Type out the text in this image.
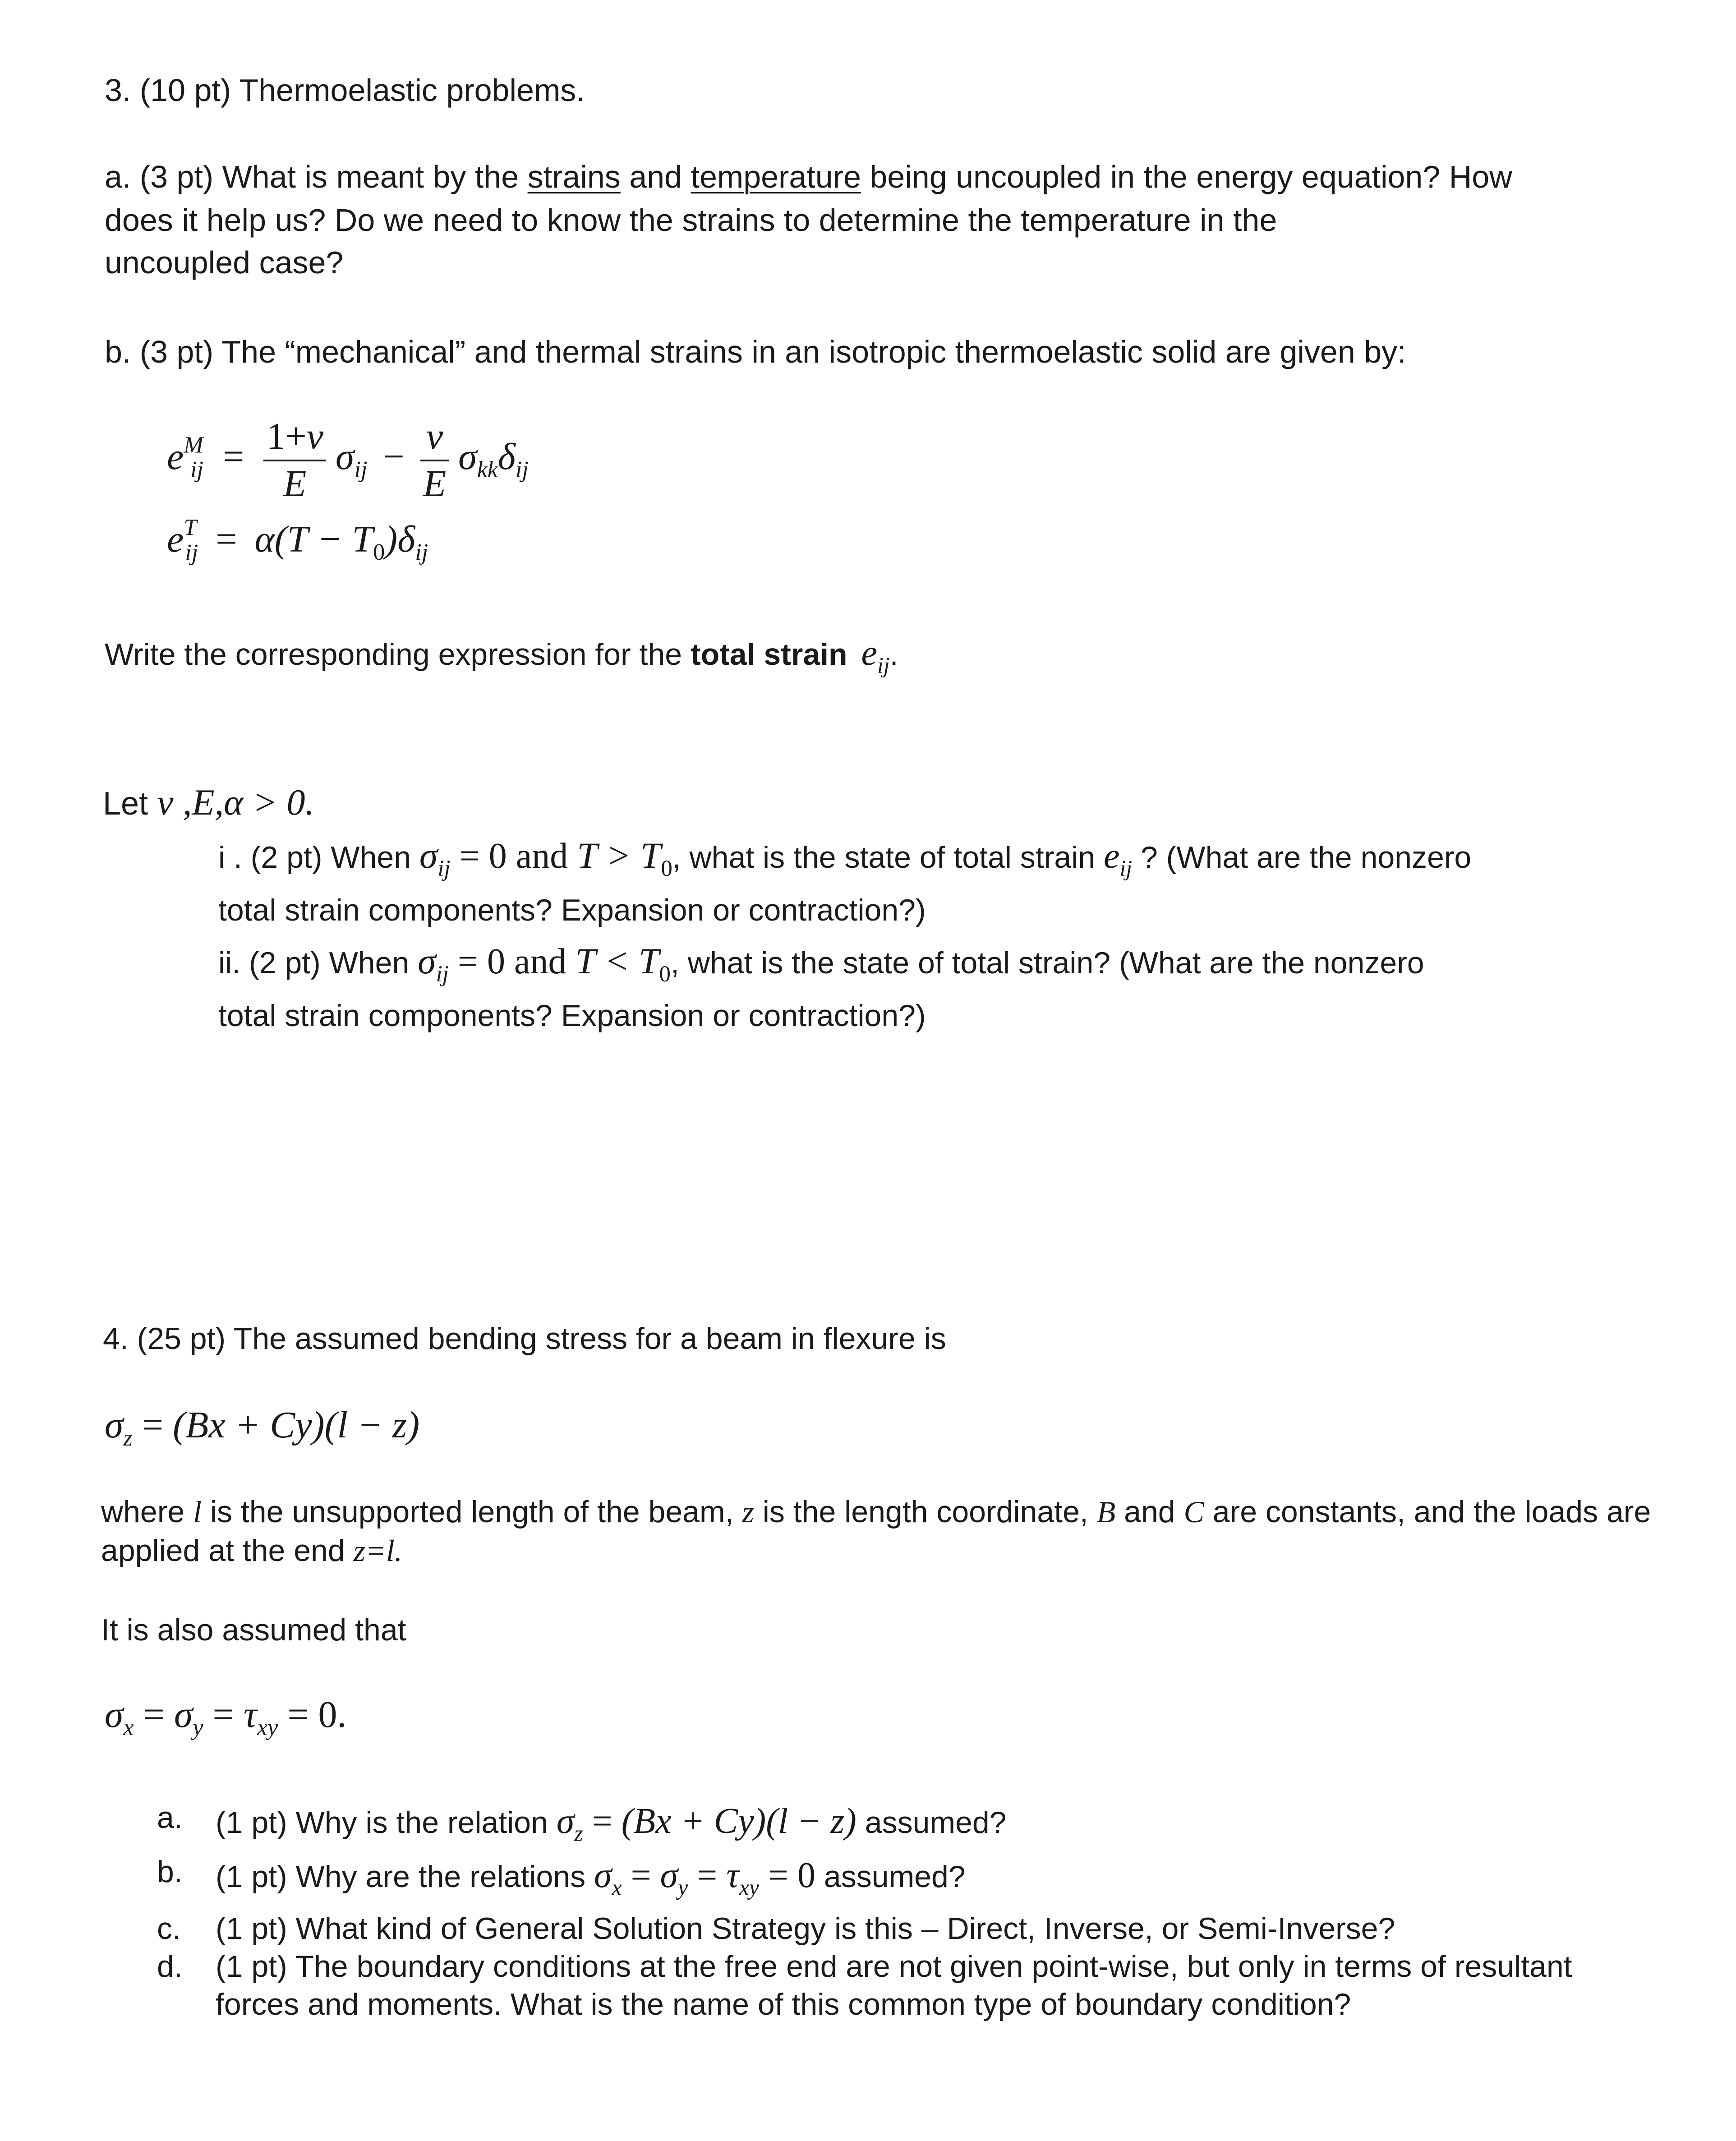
3. (10 pt) Thermoelastic problems.
a. (3 pt) What is meant by the strains and temperature being uncoupled in the energy equation? How
does it help us? Do we need to know the strains to determine the temperature in the
uncoupled case?
b. (3 pt) The “mechanical” and thermal strains in an isotropic thermoelastic solid are given by:
$e^M_{ij} = \frac{1+\nu}{E} \sigma_{ij} - \frac{\nu}{E} \sigma_{kk}\delta_{ij}$
$e^T_{ij} = \alpha(T - T_0)\delta_{ij}$
Write the corresponding expression for the total strain $e_{ij}$.
Let ν ,E,α > 0.
i . (2 pt) When $\sigma_{ij} = 0$ and $T > T_0$, what is the state of total strain $e_{ij}$ ? (What are the nonzero
total strain components? Expansion or contraction?)
ii. (2 pt) When $\sigma_{ij} = 0$ and $T < T_0$, what is the state of total strain? (What are the nonzero
total strain components? Expansion or contraction?)
4. (25 pt) The assumed bending stress for a beam in flexure is
$\sigma_z = (Bx + Cy)(l - z)$
where l is the unsupported length of the beam, z is the length coordinate, B and C are constants, and the loads are
applied at the end z=l.
It is also assumed that
$\sigma_x = \sigma_y = \tau_{xy} = 0$.
a. (1 pt) Why is the relation $\sigma_z = (Bx + Cy)(l - z)$ assumed?
b. (1 pt) Why are the relations $\sigma_x = \sigma_y = \tau_{xy} = 0$ assumed?
c. (1 pt) What kind of General Solution Strategy is this – Direct, Inverse, or Semi-Inverse?
d. (1 pt) The boundary conditions at the free end are not given point-wise, but only in terms of resultant
forces and moments. What is the name of this common type of boundary condition?
